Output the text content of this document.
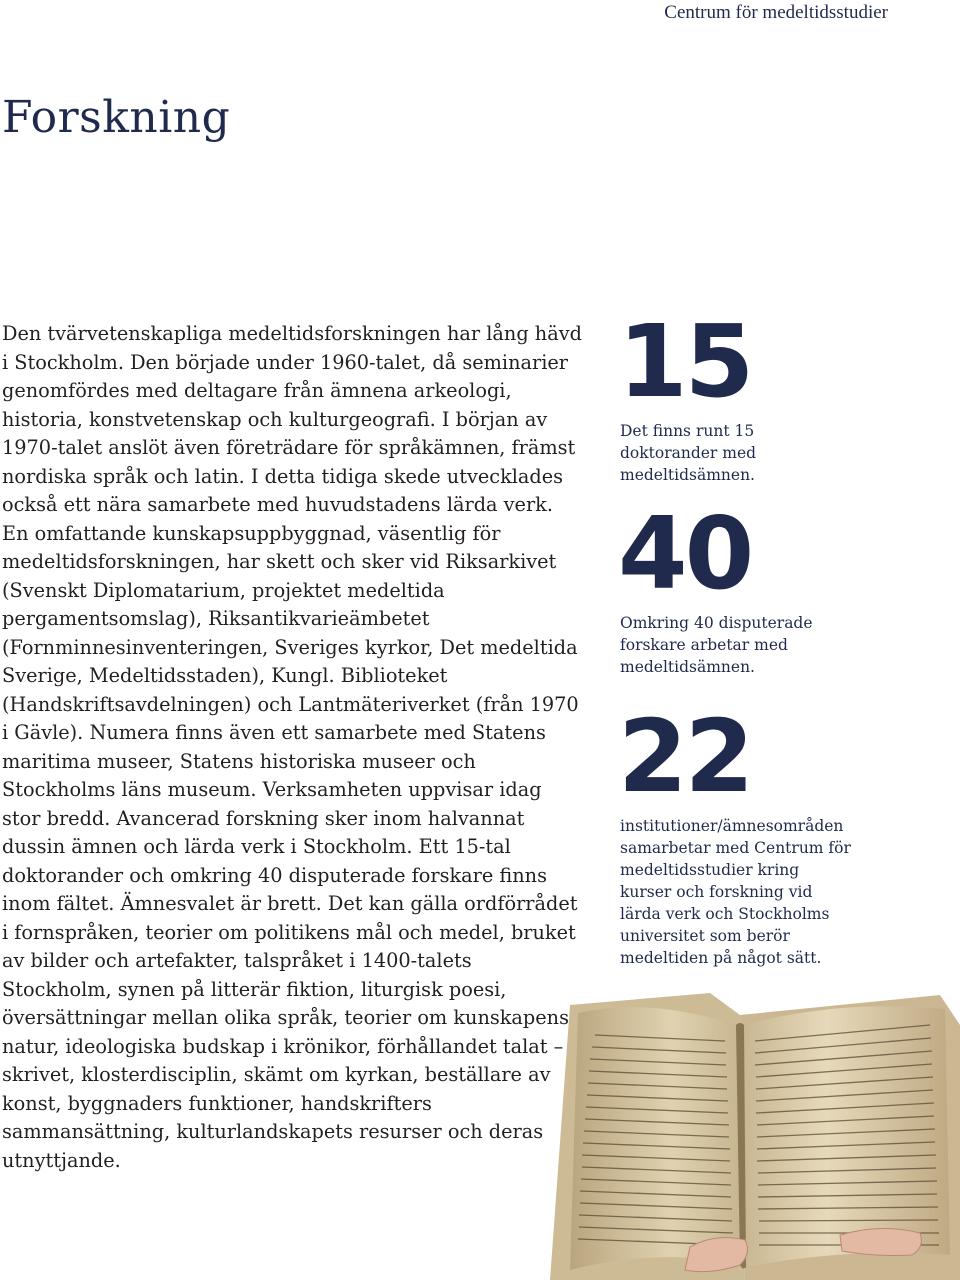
Centrum för medeltidsstudier
Forskning

Den tvärvetenskapliga medeltidsforskningen har lång hävd i Stockholm. Den började under 1960-talet, då seminarier genomfördes med deltagare från ämnena arkeologi, historia, konstvetenskap och kulturgeografi. I början av 1970-talet anslöt även företrädare för språkämnen, främst nordiska språk och latin. I detta tidiga skede utvecklades också ett nära samarbete med huvudstadens lärda verk. En omfattande kunskapsuppbyggnad, väsentlig för medeltidsforskningen, har skett och sker vid Riksarkivet (Svenskt Diplomatarium, projektet medeltida pergamentsomslag), Riksantikvarieämbetet (Fornminnesinventeringen, Sveriges kyrkor, Det medeltida Sverige, Medeltidsstaden), Kungl. Biblioteket (Handskriftsavdelningen) och Lantmäteriverket (från 1970 i Gävle). Numera finns även ett samarbete med Statens maritima museer, Statens historiska museer och Stockholms läns museum. Verksamheten uppvisar idag stor bredd. Avancerad forskning sker inom halvannat dussin ämnen och lärda verk i Stockholm. Ett 15-tal doktorander och omkring 40 disputerade forskare finns inom fältet. Ämnesvalet är brett. Det kan gälla ordförrådet i fornspråken, teorier om politikens mål och medel, bruket av bilder och artefakter, talspråket i 1400-talets Stockholm, synen på litterär fiktion, liturgisk poesi, översättningar mellan olika språk, teorier om kunskapens natur, ideologiska budskap i krönikor, förhållandet talat – skrivet, klosterdisciplin, skämt om kyrkan, beställare av konst, byggnaders funktioner, handskrifters sammansättning, kulturlandskapets resurser och deras utnyttjande.

15
Det finns runt 15 doktorander med medeltidsämnen.
40
Omkring 40 disputerade forskare arbetar med medeltidsämnen.
22
institutioner/ämnesområden samarbetar med Centrum för medeltidsstudier kring kurser och forskning vid lärda verk och Stockholms universitet som berör medeltiden på något sätt.
